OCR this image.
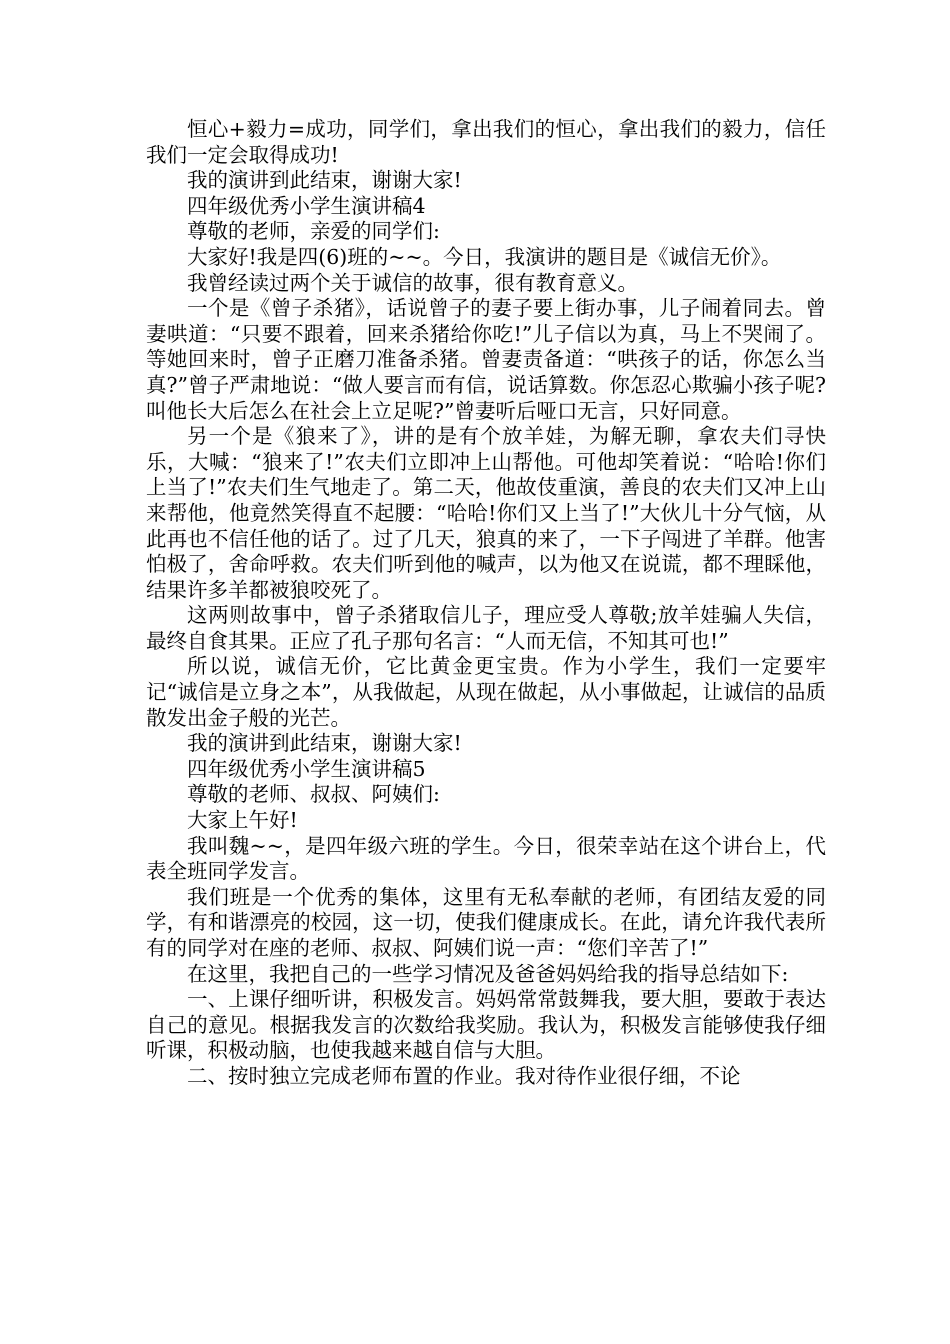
恒心+毅力=成功，同学们，拿出我们的恒心，拿出我们的毅力，信任我们一定会取得成功!

我的演讲到此结束，谢谢大家!

四年级优秀小学生演讲稿4

尊敬的老师，亲爱的同学们:

大家好!我是四(6)班的~~。今日，我演讲的题目是《诚信无价》。

我曾经读过两个关于诚信的故事，很有教育意义。

一个是《曾子杀猪》，话说曾子的妻子要上街办事，儿子闹着同去。曾妻哄道：“只要不跟着，回来杀猪给你吃!”儿子信以为真，马上不哭闹了。等她回来时，曾子正磨刀准备杀猪。曾妻责备道：“哄孩子的话，你怎么当真?”曾子严肃地说：“做人要言而有信，说话算数。你怎忍心欺骗小孩子呢?叫他长大后怎么在社会上立足呢?”曾妻听后哑口无言，只好同意。

另一个是《狼来了》，讲的是有个放羊娃，为解无聊，拿农夫们寻快乐，大喊：“狼来了!”农夫们立即冲上山帮他。可他却笑着说：“哈哈!你们上当了!”农夫们生气地走了。第二天，他故伎重演，善良的农夫们又冲上山来帮他，他竟然笑得直不起腰：“哈哈!你们又上当了!”大伙儿十分气恼，从此再也不信任他的话了。过了几天，狼真的来了，一下子闯进了羊群。他害怕极了，舍命呼救。农夫们听到他的喊声，以为他又在说谎，都不理睬他，结果许多羊都被狼咬死了。

这两则故事中，曾子杀猪取信儿子，理应受人尊敬;放羊娃骗人失信，最终自食其果。正应了孔子那句名言：“人而无信，不知其可也!”

所以说，诚信无价，它比黄金更宝贵。作为小学生，我们一定要牢记“诚信是立身之本”，从我做起，从现在做起，从小事做起，让诚信的品质散发出金子般的光芒。

我的演讲到此结束，谢谢大家!

四年级优秀小学生演讲稿5

尊敬的老师、叔叔、阿姨们:

大家上午好!

我叫魏~~，是四年级六班的学生。今日，很荣幸站在这个讲台上，代表全班同学发言。

我们班是一个优秀的集体，这里有无私奉献的老师，有团结友爱的同学，有和谐漂亮的校园，这一切，使我们健康成长。在此，请允许我代表所有的同学对在座的老师、叔叔、阿姨们说一声：“您们辛苦了!”

在这里，我把自己的一些学习情况及爸爸妈妈给我的指导总结如下:

一、上课仔细听讲，积极发言。妈妈常常鼓舞我，要大胆，要敢于表达自己的意见。根据我发言的次数给我奖励。我认为，积极发言能够使我仔细听课，积极动脑，也使我越来越自信与大胆。

二、按时独立完成老师布置的作业。我对待作业很仔细，不论
